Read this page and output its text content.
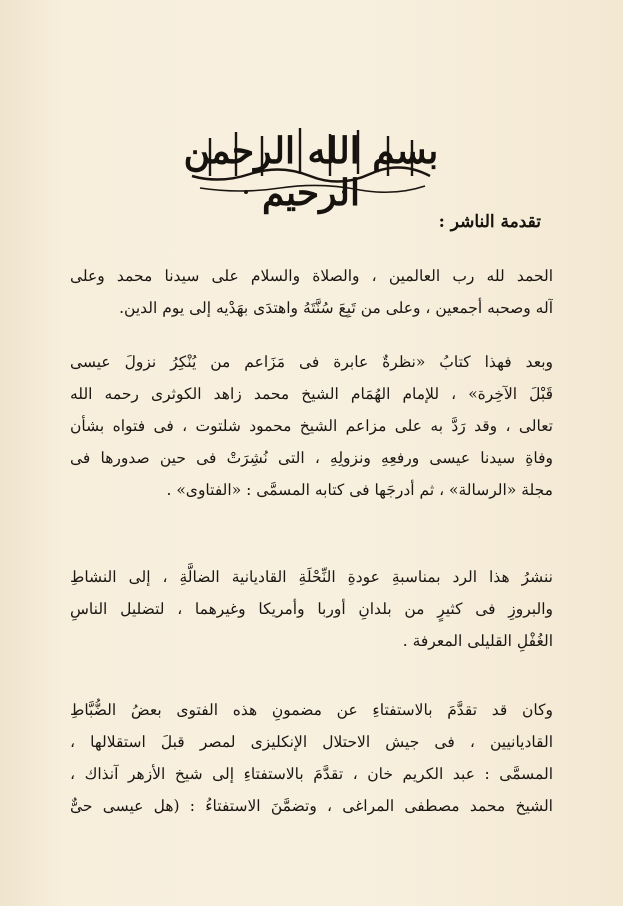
بسم الله الرحمن الرحيم
تقدمة الناشر :
الحمد لله رب العالمين ، والصلاة والسلام على سيدنا محمد وعلى
آله وصحبه أجمعين ، وعلى من تَبِعَ سُنَّتَهُ واهتدَى بهَدْيه إلى يوم الدين.
وبعد فهذا كتابُ «نظرةٌ عابرة فى مَزَاعم من يُنْكِرُ نزولَ عيسى
قَبْلَ الآخِرة» ، للإمام الهُمَام الشيخ محمد زاهد الكوثرى رحمه الله
تعالى ، وقد رَدَّ به على مزاعم الشيخ محمود شلتوت ، فى فتواه بشأن
وفاةِ سيدنا عيسى ورفعِهِ ونزولِهِ ، التى نُشِرَتْ فى حين صدورها فى
مجلة «الرسالة» ، ثم أدرجَها فى كتابه المسمَّى : «الفتاوى» .
ننشرُ هذا الرد بمناسبةِ عودةِ النِّحْلَةِ القاديانية الضالَّةِ ، إلى النشاطِ
والبروزِ فى كثيرٍ من بلدانِ أوربا وأمريكا وغيرهما ، لتضليل الناسِ
الغُفْلِ القليلى المعرفة .
وكان قد تقدَّمَ بالاستفتاءِ عن مضمونِ هذه الفتوى بعضُ الضُّبَّاطِ
القاديانيين ، فى جيش الاحتلال الإنكليزى لمصر قبلَ استقلالها ،
المسمَّى : عبد الكريم خان ، تقدَّمَ بالاستفتاءِ إلى شيخ الأزهر آنذاك ،
الشيخ محمد مصطفى المراغى ، وتضمَّنَ الاستفتاءُ : (هل عيسى حىٌّ
